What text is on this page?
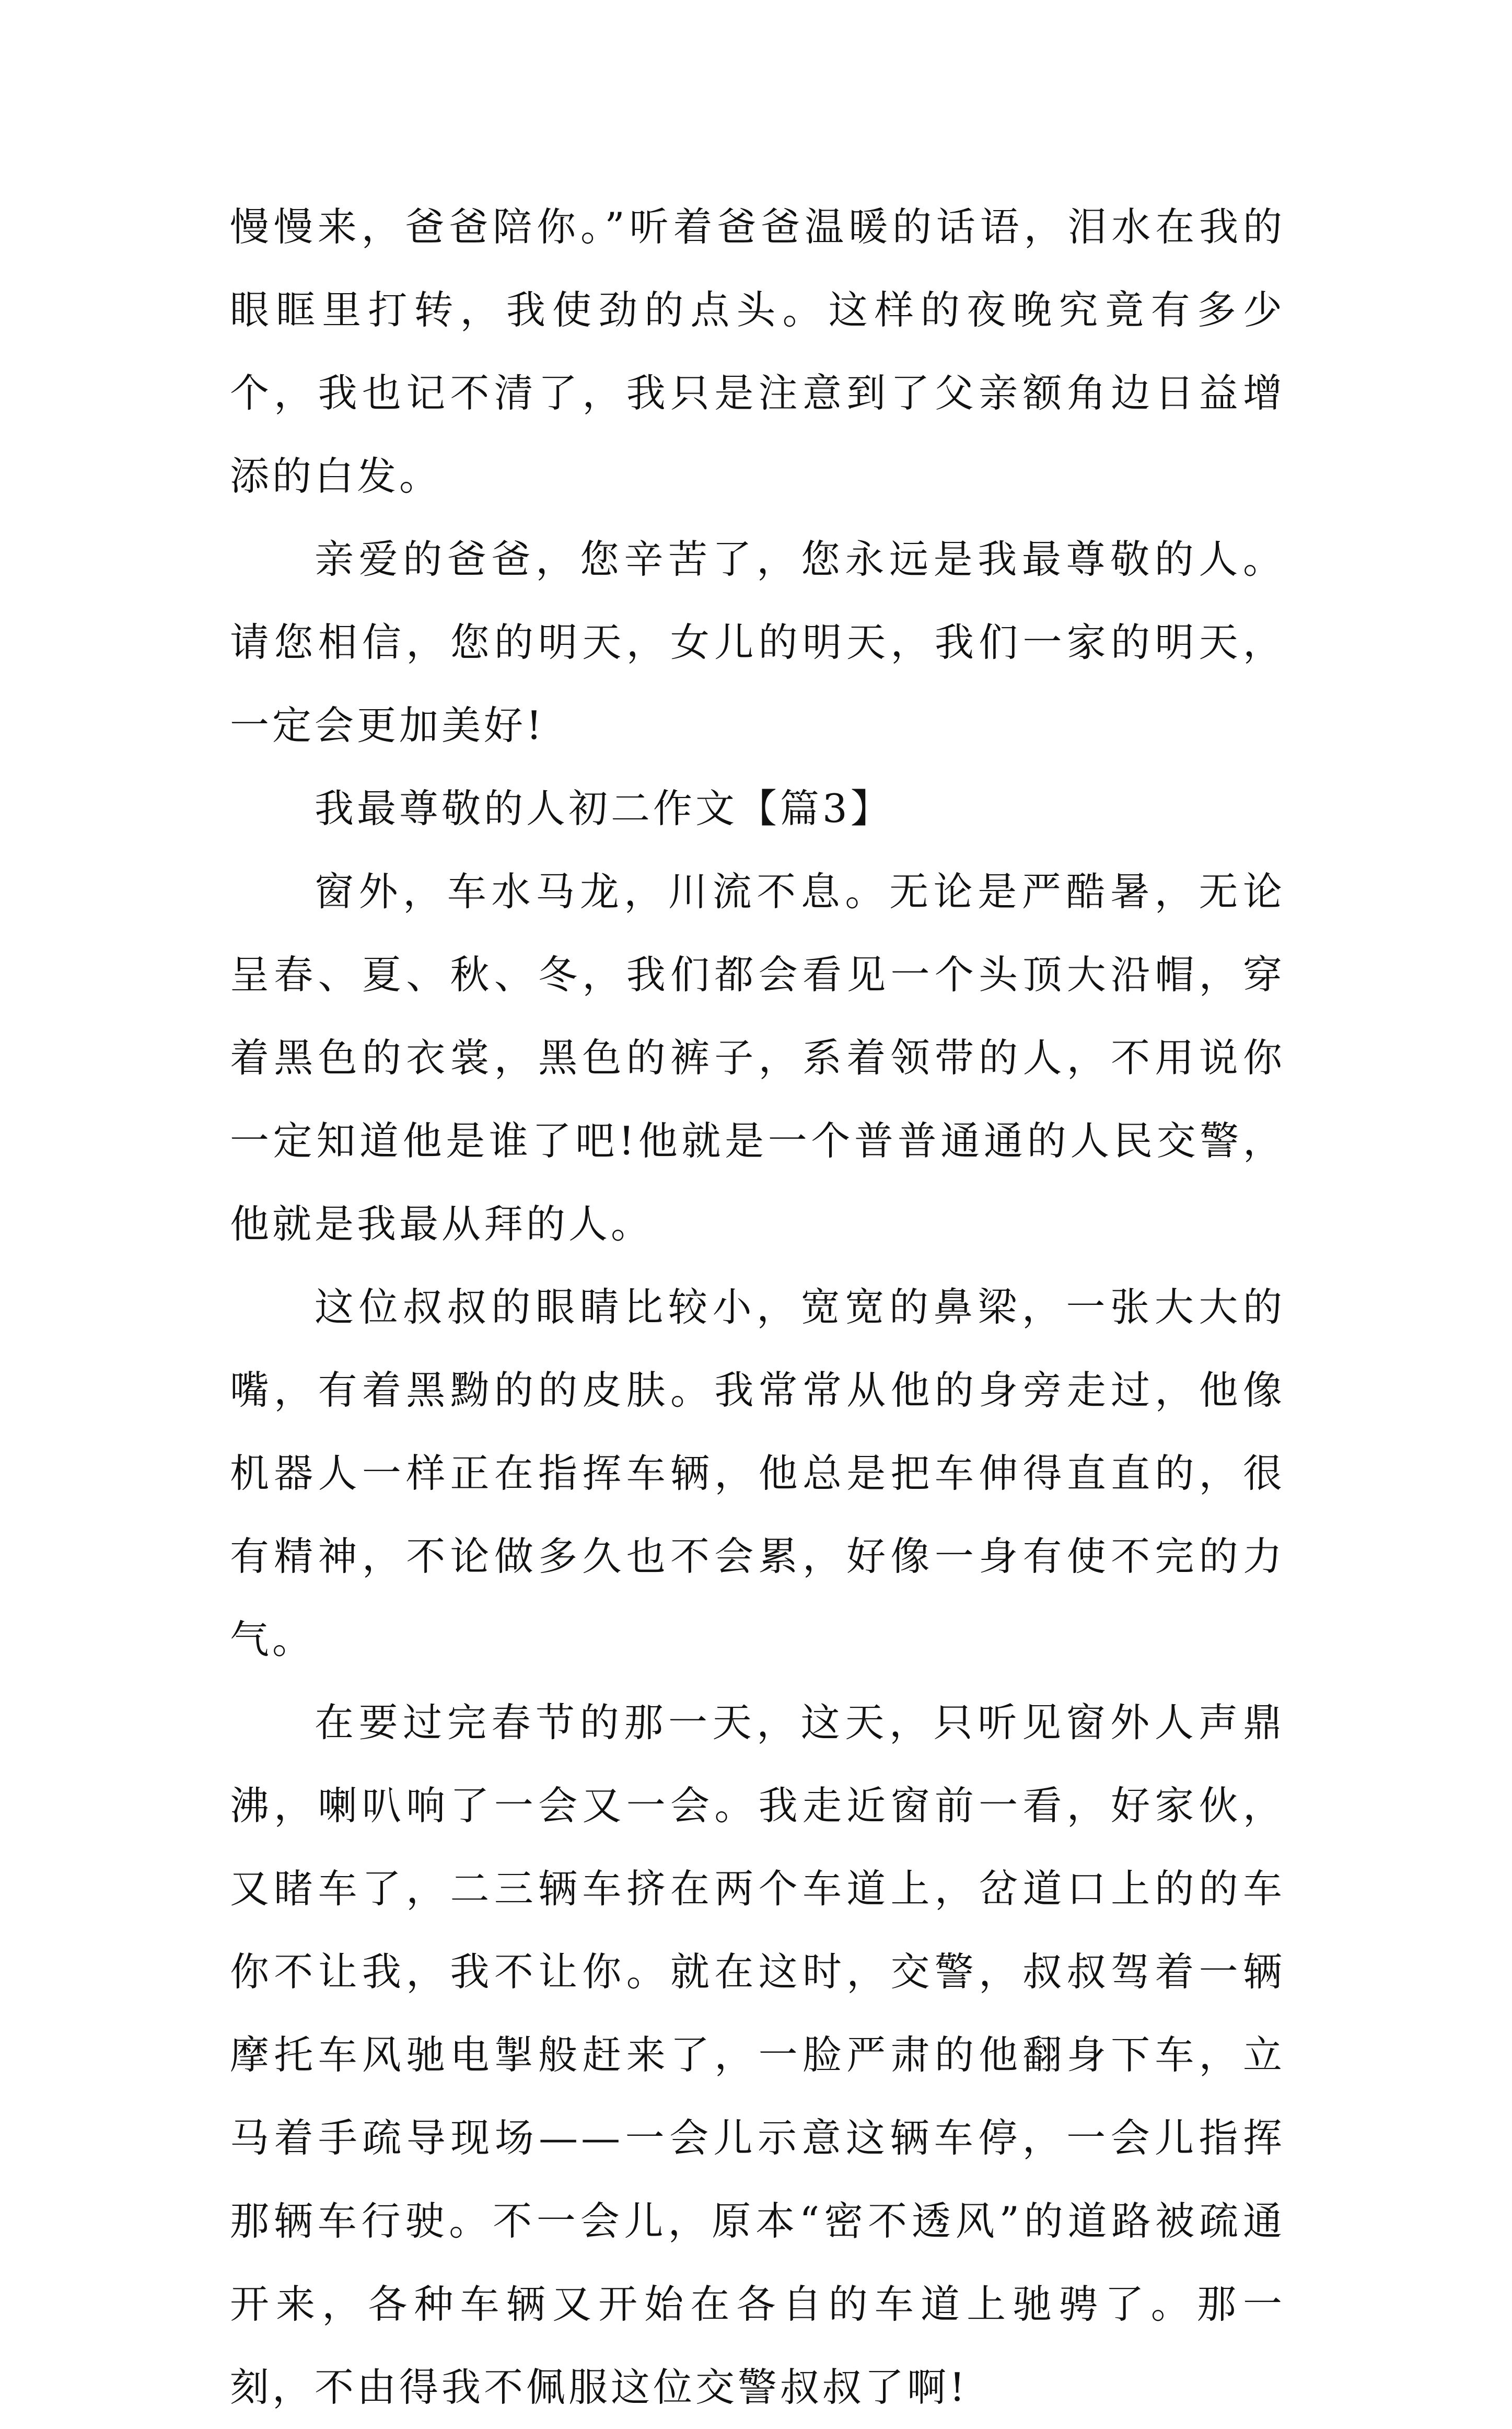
慢慢来，爸爸陪你。”听着爸爸温暖的话语，泪水在我的眼眶里打转，我使劲的点头。这样的夜晚究竟有多少个，我也记不清了，我只是注意到了父亲额角边日益增添的白发。

亲爱的爸爸，您辛苦了，您永远是我最尊敬的人。请您相信，您的明天，女儿的明天，我们一家的明天，一定会更加美好!

我最尊敬的人初二作文【篇3】

窗外，车水马龙，川流不息。无论是严酷暑，无论呈春、夏、秋、冬，我们都会看见一个头顶大沿帽，穿着黑色的衣裳，黑色的裤子，系着领带的人，不用说你一定知道他是谁了吧!他就是一个普普通通的人民交警，他就是我最从拜的人。

这位叔叔的眼睛比较小，宽宽的鼻梁，一张大大的嘴，有着黑黝的的皮肤。我常常从他的身旁走过，他像机器人一样正在指挥车辆，他总是把车伸得直直的，很有精神，不论做多久也不会累，好像一身有使不完的力气。

在要过完春节的那一天，这天，只听见窗外人声鼎沸，喇叭响了一会又一会。我走近窗前一看，好家伙，又睹车了，二三辆车挤在两个车道上，岔道口上的的车你不让我，我不让你。就在这时，交警，叔叔驾着一辆摩托车风驰电掣般赶来了，一脸严肃的他翻身下车，立马着手疏导现场——一会儿示意这辆车停，一会儿指挥那辆车行驶。不一会儿，原本“密不透风”的道路被疏通开来，各种车辆又开始在各自的车道上驰骋了。那一刻，不由得我不佩服这位交警叔叔了啊!
